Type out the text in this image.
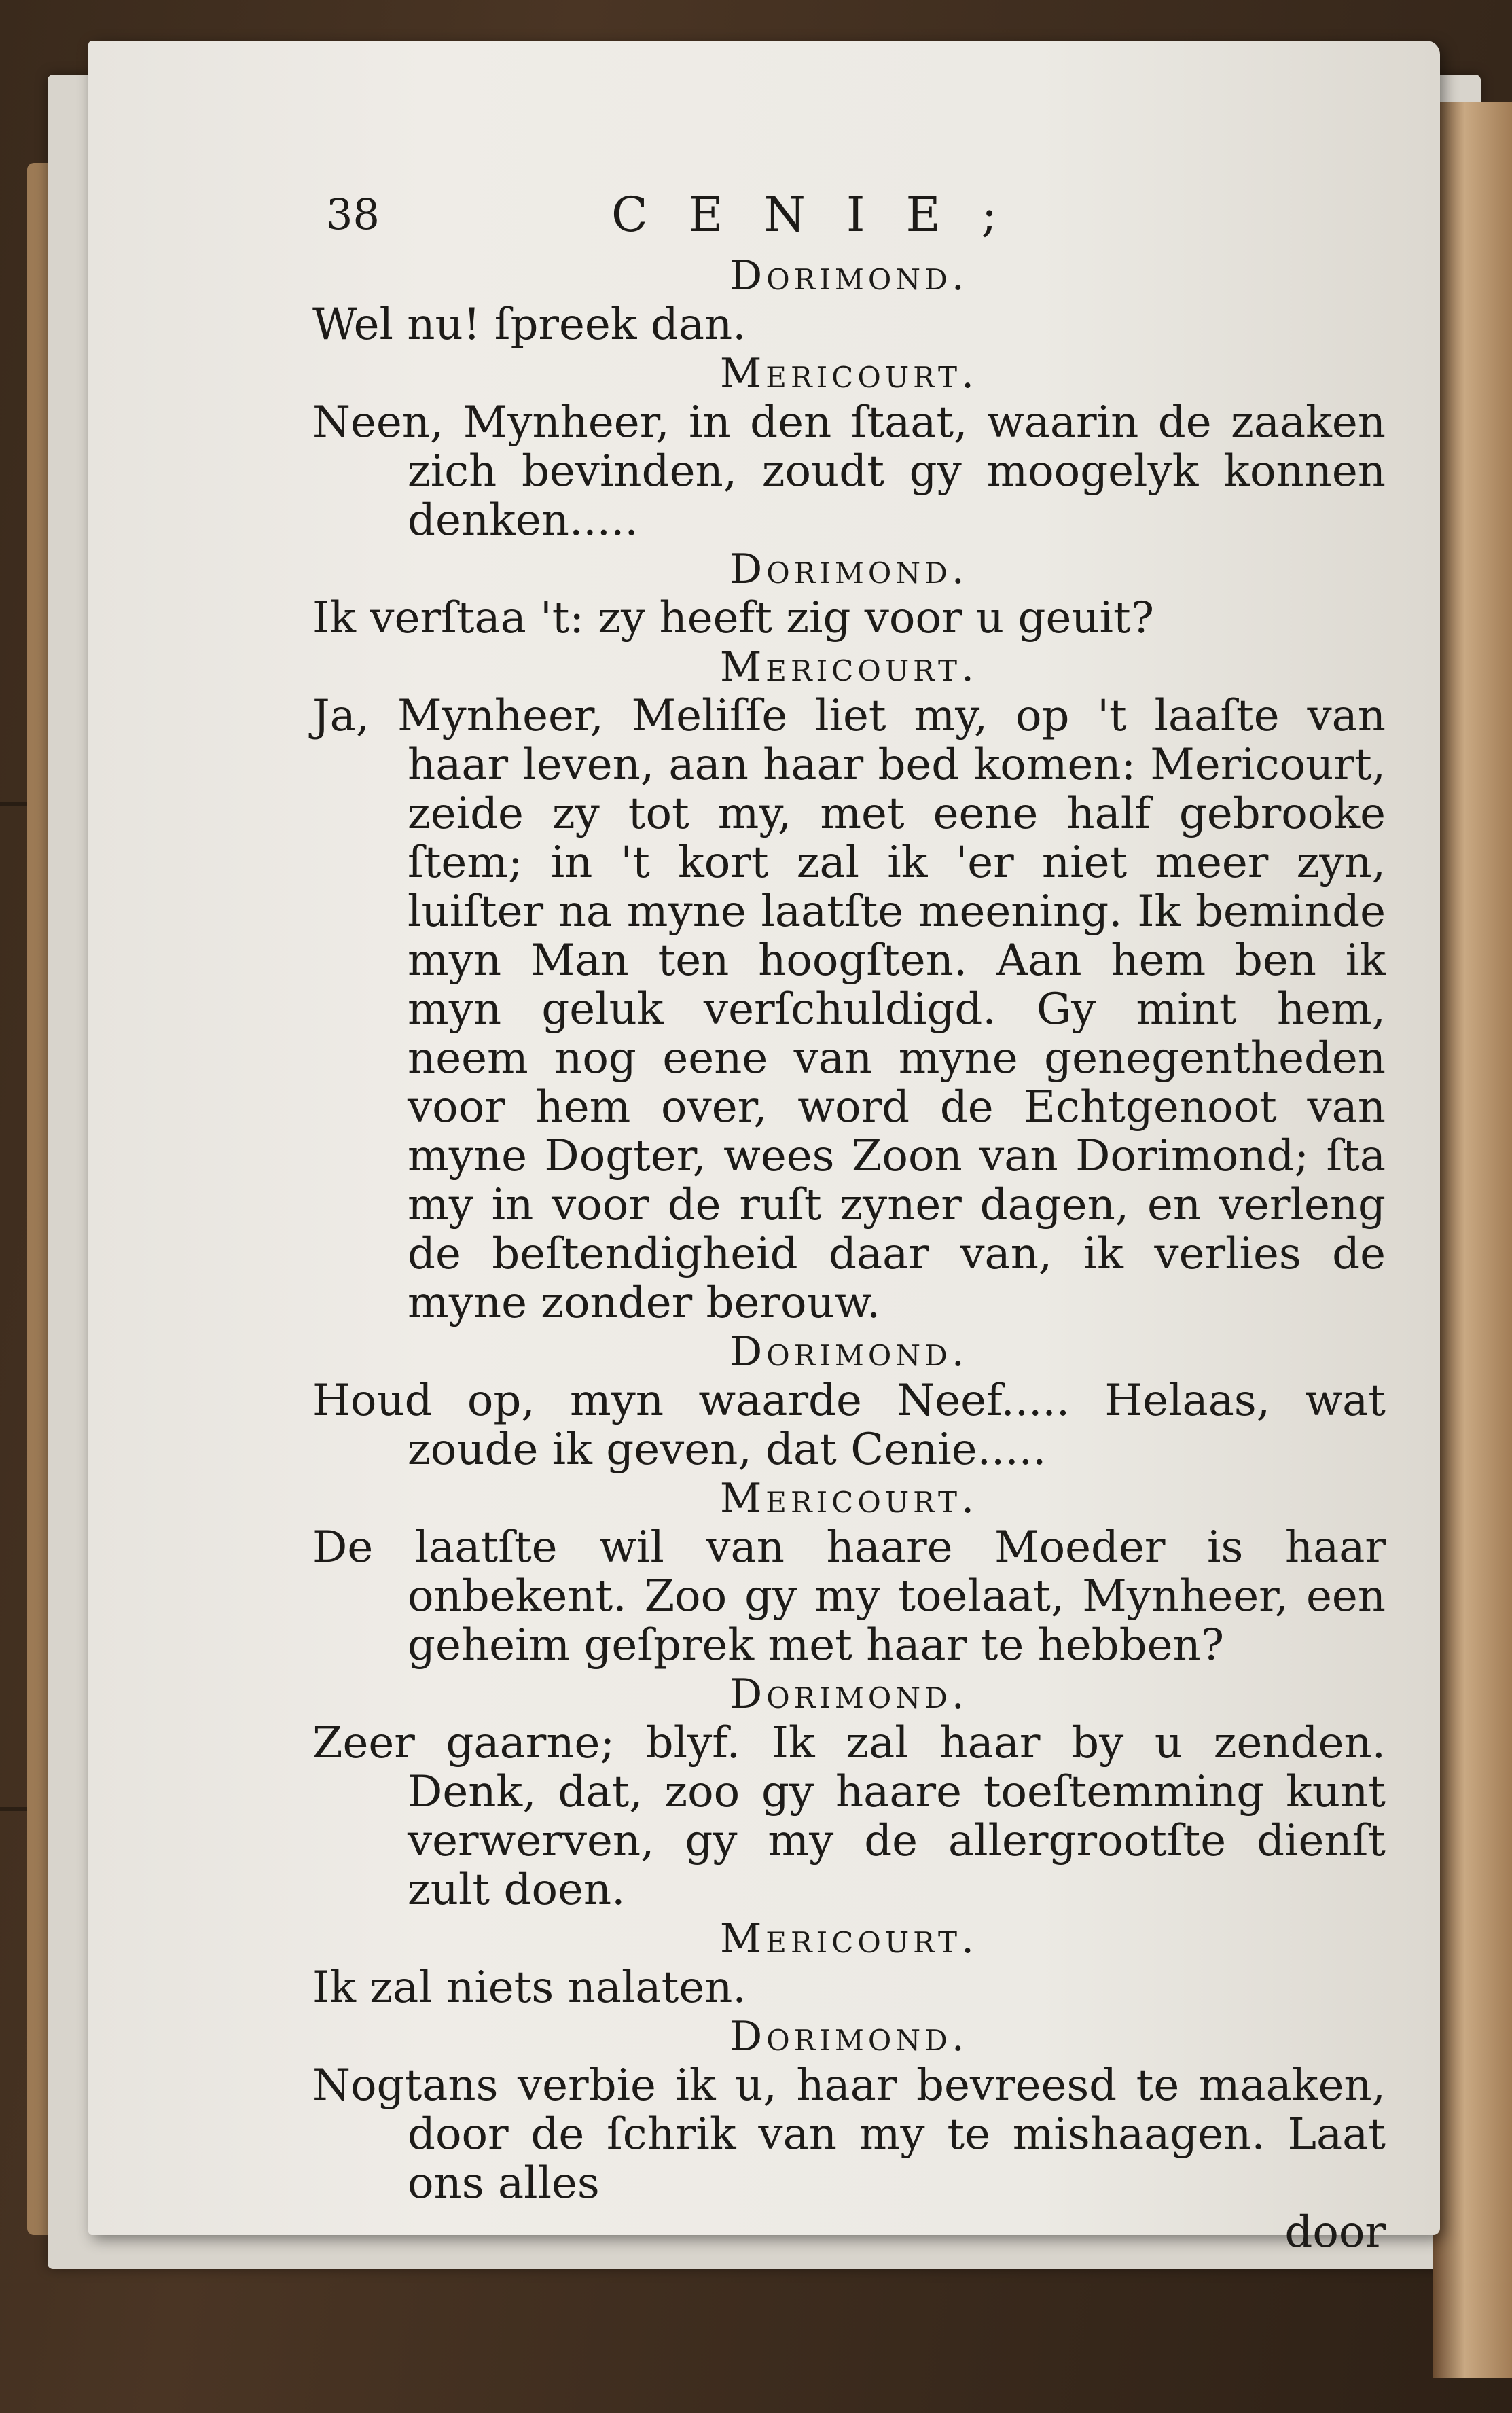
38	CENIE;
Dorimond.

Wel nu! ſpreek dan.

Mericourt.

Neen, Mynheer, in den ſtaat, waarin de zaaken zich bevinden, zoudt gy moogelyk konnen denken.....

Dorimond.

Ik verſtaa 't: zy heeft zig voor u geuit?

Mericourt.

Ja, Mynheer, Meliſſe liet my, op 't laaſte van haar leven, aan haar bed komen: Mericourt, zeide zy tot my, met eene half gebrooke ſtem; in 't kort zal ik 'er niet meer zyn, luiſter na myne laatſte meening. Ik beminde myn Man ten hoogſten. Aan hem ben ik myn geluk verſchuldigd. Gy mint hem, neem nog eene van myne genegentheden voor hem over, word de Echtgenoot van myne Dogter, wees Zoon van Dorimond; ſta my in voor de ruſt zyner dagen, en verleng de beſtendigheid daar van, ik verlies de myne zonder berouw.

Dorimond.

Houd op, myn waarde Neef..... Helaas, wat zoude ik geven, dat Cenie.....

Mericourt.

De laatſte wil van haare Moeder is haar onbekent. Zoo gy my toelaat, Mynheer, een geheim geſprek met haar te hebben?

Dorimond.

Zeer gaarne; blyf. Ik zal haar by u zenden. Denk, dat, zoo gy haare toeſtemming kunt verwerven, gy my de allergrootſte dienſt zult doen.

Mericourt.

Ik zal niets nalaten.

Dorimond.

Nogtans verbie ik u, haar bevreesd te maaken, door de ſchrik van my te mishaagen. Laat ons alles

door
